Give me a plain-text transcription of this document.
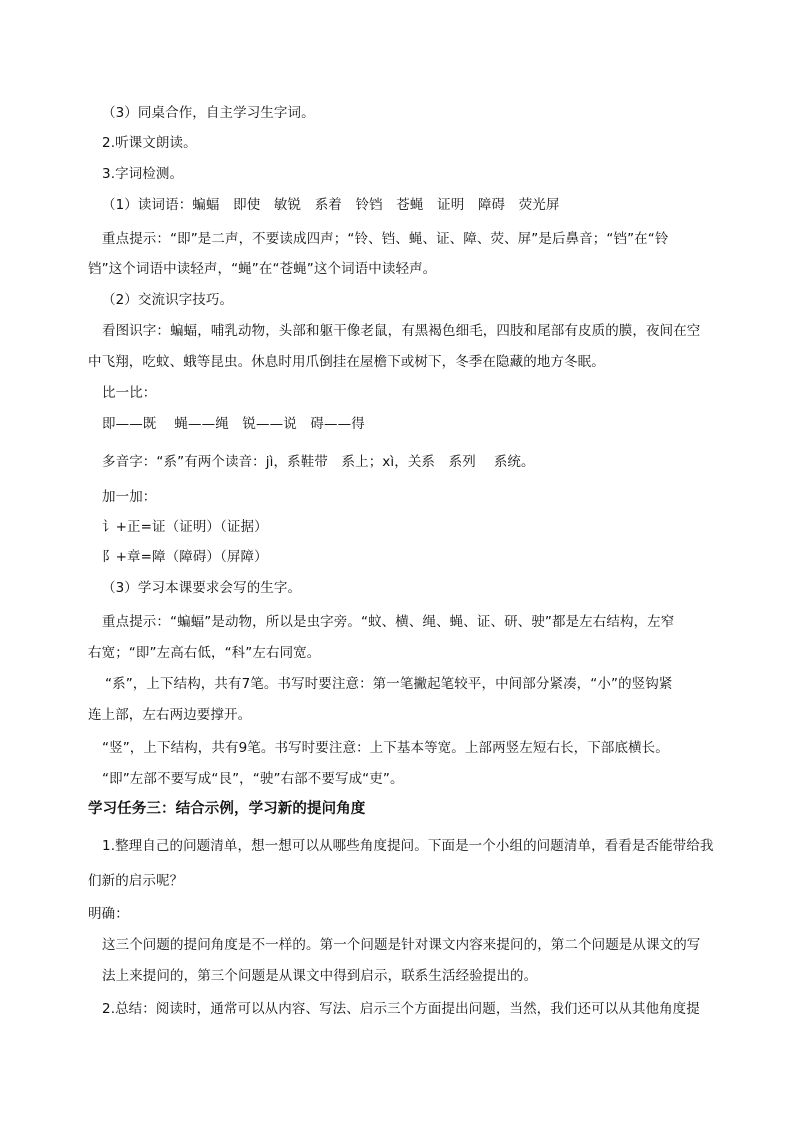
（3）同桌合作，自主学习生字词。
2.听课文朗读。
3.字词检测。
（1）读词语：蝙蝠　即使　敏锐　系着　铃铛　苍蝇　证明　障碍　荧光屏
重点提示：“即”是二声，不要读成四声；“铃、铛、蝇、证、障、荧、屏”是后鼻音；“铛”在“铃
铛”这个词语中读轻声，“蝇”在“苍蝇”这个词语中读轻声。
（2）交流识字技巧。
看图识字：蝙蝠，哺乳动物，头部和躯干像老鼠，有黑褐色细毛，四肢和尾部有皮质的膜，夜间在空
中飞翔，吃蚊、蛾等昆虫。休息时用爪倒挂在屋檐下或树下，冬季在隐藏的地方冬眠。
比一比：
即——既　 蝇——绳　锐——说　碍——得
多音字：“系”有两个读音：jì，系鞋带　系上；xì，关系　系列　 系统。
加一加：
讠+正=证（证明）（证据）
阝+章=障（障碍）（屏障）
（3）学习本课要求会写的生字。
重点提示：“蝙蝠”是动物，所以是虫字旁。“蚊、横、绳、蝇、证、研、驶”都是左右结构，左窄
右宽；“即”左高右低，“科”左右同宽。
“系”，上下结构，共有7笔。书写时要注意：第一笔撇起笔较平，中间部分紧凑，“小”的竖钩紧
连上部，左右两边要撑开。
“竖”，上下结构，共有9笔。书写时要注意：上下基本等宽。上部两竖左短右长，下部底横长。
“即”左部不要写成“艮”，“驶”右部不要写成“吏”。
学习任务三：结合示例，学习新的提问角度
1.整理自己的问题清单，想一想可以从哪些角度提问。下面是一个小组的问题清单，看看是否能带给我
们新的启示呢？
明确：
这三个问题的提问角度是不一样的。第一个问题是针对课文内容来提问的，第二个问题是从课文的写
法上来提问的，第三个问题是从课文中得到启示，联系生活经验提出的。
2.总结：阅读时，通常可以从内容、写法、启示三个方面提出问题，当然，我们还可以从其他角度提
